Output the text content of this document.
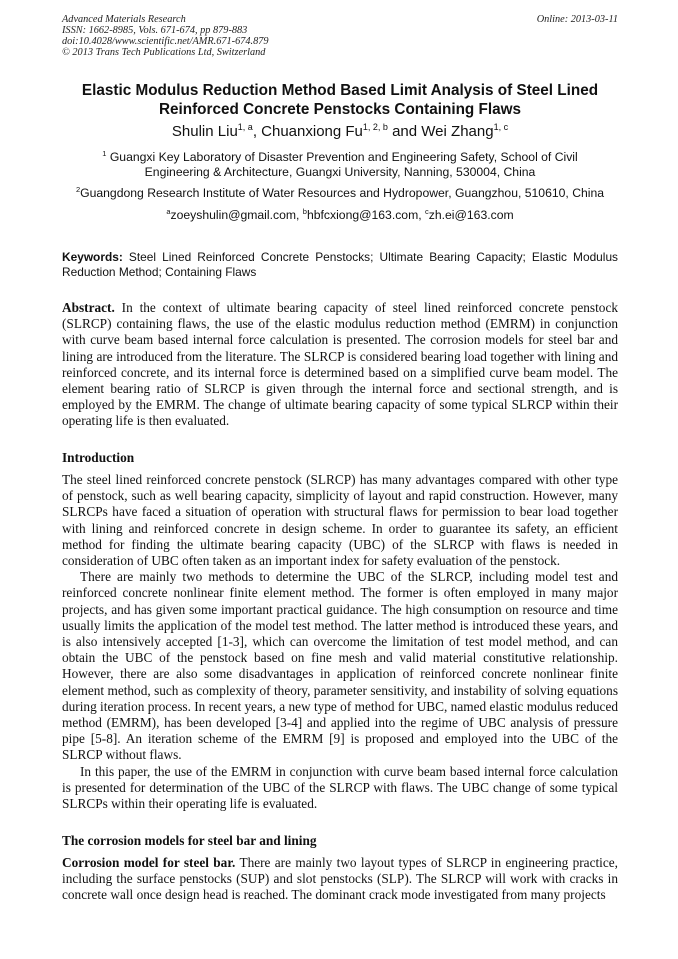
Advanced Materials Research
ISSN: 1662-8985, Vols. 671-674, pp 879-883
doi:10.4028/www.scientific.net/AMR.671-674.879
© 2013 Trans Tech Publications Ltd, Switzerland
Online: 2013-03-11
Elastic Modulus Reduction Method Based Limit Analysis of Steel Lined
Reinforced Concrete Penstocks Containing Flaws
Shulin Liu$^{1, a}$, Chuanxiong Fu$^{1, 2, b}$ and Wei Zhang$^{1, c}$
$^1$ Guangxi Key Laboratory of Disaster Prevention and Engineering Safety, School of Civil
Engineering & Architecture, Guangxi University, Nanning, 530004, China
$^2$Guangdong Research Institute of Water Resources and Hydropower, Guangzhou, 510610, China
$^a$zoeyshulin@gmail.com, $^b$hbfcxiong@163.com, $^c$zh.ei@163.com
Keywords: Steel Lined Reinforced Concrete Penstocks; Ultimate Bearing Capacity; Elastic Modulus Reduction Method; Containing Flaws

Abstract. In the context of ultimate bearing capacity of steel lined reinforced concrete penstock (SLRCP) containing flaws, the use of the elastic modulus reduction method (EMRM) in conjunction with curve beam based internal force calculation is presented. The corrosion models for steel bar and lining are introduced from the literature. The SLRCP is considered bearing load together with lining and reinforced concrete, and its internal force is determined based on a simplified curve beam model. The element bearing ratio of SLRCP is given through the internal force and sectional strength, and is employed by the EMRM. The change of ultimate bearing capacity of some typical SLRCP within their operating life is then evaluated.

Introduction

The steel lined reinforced concrete penstock (SLRCP) has many advantages compared with other type of penstock, such as well bearing capacity, simplicity of layout and rapid construction. However, many SLRCPs have faced a situation of operation with structural flaws for permission to bear load together with lining and reinforced concrete in design scheme. In order to guarantee its safety, an efficient method for finding the ultimate bearing capacity (UBC) of the SLRCP with flaws is needed in consideration of UBC often taken as an important index for safety evaluation of the penstock.

There are mainly two methods to determine the UBC of the SLRCP, including model test and reinforced concrete nonlinear finite element method. The former is often employed in many major projects, and has given some important practical guidance. The high consumption on resource and time usually limits the application of the model test method. The latter method is introduced these years, and is also intensively accepted [1-3], which can overcome the limitation of test model method, and can obtain the UBC of the penstock based on fine mesh and valid material constitutive relationship. However, there are also some disadvantages in application of reinforced concrete nonlinear finite element method, such as complexity of theory, parameter sensitivity, and instability of solving equations during iteration process. In recent years, a new type of method for UBC, named elastic modulus reduced method (EMRM), has been developed [3-4] and applied into the regime of UBC analysis of pressure pipe [5-8]. An iteration scheme of the EMRM [9] is proposed and employed into the UBC of the SLRCP without flaws.

In this paper, the use of the EMRM in conjunction with curve beam based internal force calculation is presented for determination of the UBC of the SLRCP with flaws. The UBC change of some typical SLRCPs within their operating life is evaluated.

The corrosion models for steel bar and lining

Corrosion model for steel bar. There are mainly two layout types of SLRCP in engineering practice, including the surface penstocks (SUP) and slot penstocks (SLP). The SLRCP will work with cracks in concrete wall once design head is reached. The dominant crack mode investigated from many projects
